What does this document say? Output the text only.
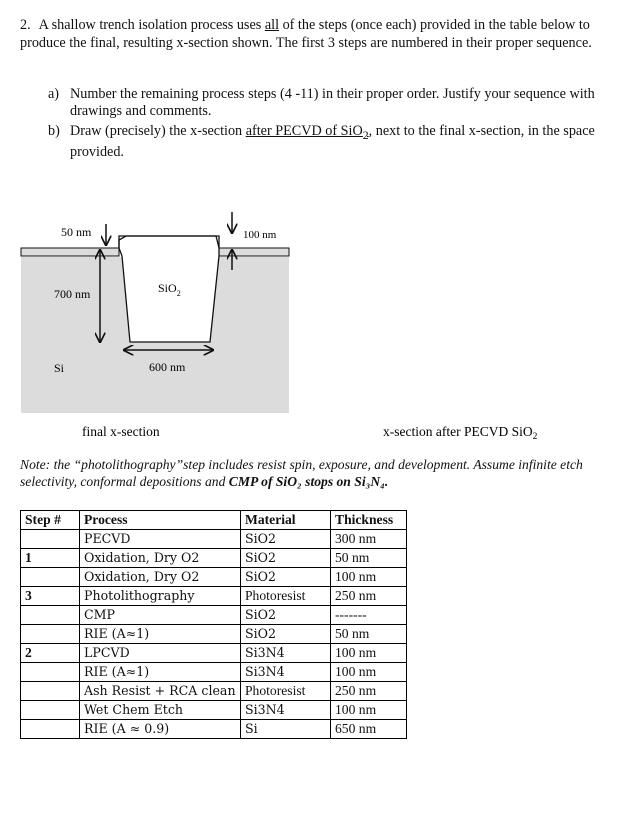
2. A shallow trench isolation process uses all of the steps (once each) provided in the table below to produce the final, resulting x-section shown. The first 3 steps are numbered in their proper sequence.
a) Number the remaining process steps (4 -11) in their proper order. Justify your sequence with drawings and comments.
b) Draw (precisely) the x-section after PECVD of SiO$_2$, next to the final x-section, in the space provided.
50 nm	100 nm
700 nm	SiO$_2$
Si	600 nm
final x-section	x-section after PECVD SiO$_2$
Note: the “photolithography”step includes resist spin, exposure, and development. Assume infinite etch selectivity, conformal depositions and CMP of SiO₂ stops on Si₃N₄.
Step #	Process	Material	Thickness
	PECVD	SiO2	300 nm
1	Oxidation, Dry O2	SiO2	50 nm
	Oxidation, Dry O2	SiO2	100 nm
3	Photolithography	Photoresist	250 nm
	CMP	SiO2	-------
	RIE (A≈1)	SiO2	50 nm
2	LPCVD	Si3N4	100 nm
	RIE (A≈1)	Si3N4	100 nm
	Ash Resist + RCA clean	Photoresist	250 nm
	Wet Chem Etch	Si3N4	100 nm
	RIE (A ≈ 0.9)	Si	650 nm
